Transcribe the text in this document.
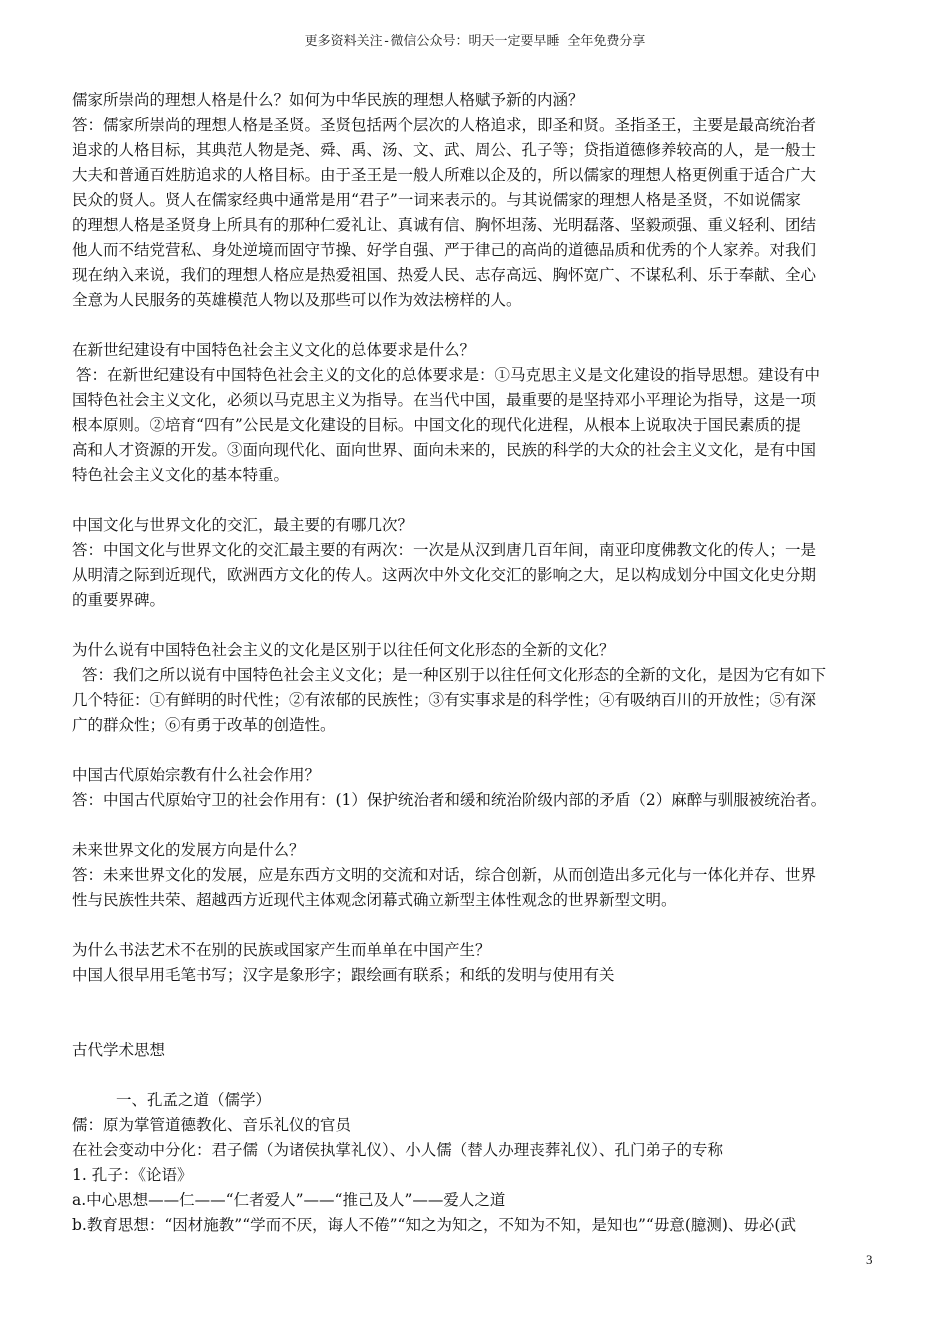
更多资料关注-微信公众号：明天一定要早睡 全年免费分享
儒家所崇尚的理想人格是什么？如何为中华民族的理想人格赋予新的内涵？
答：儒家所崇尚的理想人格是圣贤。圣贤包括两个层次的人格追求，即圣和贤。圣指圣王，主要是最高统治者
追求的人格目标，其典范人物是尧、舜、禹、汤、文、武、周公、孔子等；贷指道德修养较高的人，是一般士
大夫和普通百姓肪追求的人格目标。由于圣王是一般人所难以企及的，所以儒家的理想人格更例重于适合广大
民众的贤人。贤人在儒家经典中通常是用“君子”一词来表示的。与其说儒家的理想人格是圣贤，不如说儒家
的理想人格是圣贤身上所具有的那种仁爱礼让、真诚有信、胸怀坦荡、光明磊落、坚毅顽强、重义轻利、团结
他人而不结党营私、身处逆境而固守节操、好学自强、严于律己的高尚的道德品质和优秀的个人家养。对我们
现在纳入来说，我们的理想人格应是热爱祖国、热爱人民、志存高远、胸怀宽广、不谋私利、乐于奉献、全心
全意为人民服务的英雄模范人物以及那些可以作为效法榜样的人。
在新世纪建设有中国特色社会主义文化的总体要求是什么？
答：在新世纪建设有中国特色社会主义的文化的总体要求是：①马克思主义是文化建设的指导思想。建设有中
国特色社会主义文化，必须以马克思主义为指导。在当代中国，最重要的是坚持邓小平理论为指导，这是一项
根本原则。②培育“四有”公民是文化建设的目标。中国文化的现代化进程，从根本上说取决于国民素质的提
高和人才资源的开发。③面向现代化、面向世界、面向未来的，民族的科学的大众的社会主义文化，是有中国
特色社会主义文化的基本特重。
中国文化与世界文化的交汇，最主要的有哪几次？
答：中国文化与世界文化的交汇最主要的有两次：一次是从汉到唐几百年间，南亚印度佛教文化的传人；一是
从明清之际到近现代，欧洲西方文化的传人。这两次中外文化交汇的影响之大，足以构成划分中国文化史分期
的重要界碑。
为什么说有中国特色社会主义的文化是区别于以往任何文化形态的全新的文化？
答：我们之所以说有中国特色社会主义文化；是一种区别于以往任何文化形态的全新的文化，是因为它有如下
几个特征：①有鲜明的时代性；②有浓郁的民族性；③有实事求是的科学性；④有吸纳百川的开放性；⑤有深
广的群众性；⑥有勇于改革的创造性。
中国古代原始宗教有什么社会作用？
答：中国古代原始守卫的社会作用有：(1）保护统治者和缓和统治阶级内部的矛盾（2）麻醉与驯服被统治者。
未来世界文化的发展方向是什么？
答：未来世界文化的发展，应是东西方文明的交流和对话，综合创新，从而创造出多元化与一体化并存、世界
性与民族性共荣、超越西方近现代主体观念闭幕式确立新型主体性观念的世界新型文明。
为什么书法艺术不在别的民族或国家产生而单单在中国产生？
中国人很早用毛笔书写；汉字是象形字；跟绘画有联系；和纸的发明与使用有关
古代学术思想
一、孔孟之道（儒学）
儒：原为掌管道德教化、音乐礼仪的官员
在社会变动中分化：君子儒（为诸侯执掌礼仪）、小人儒（替人办理丧葬礼仪）、孔门弟子的专称
1. 孔子：《论语》
a.中心思想——仁——“仁者爱人”——“推己及人”——爱人之道
b.教育思想：“因材施教”“学而不厌，诲人不倦”“知之为知之，不知为不知，是知也”“毋意(臆测)、毋必(武
3
